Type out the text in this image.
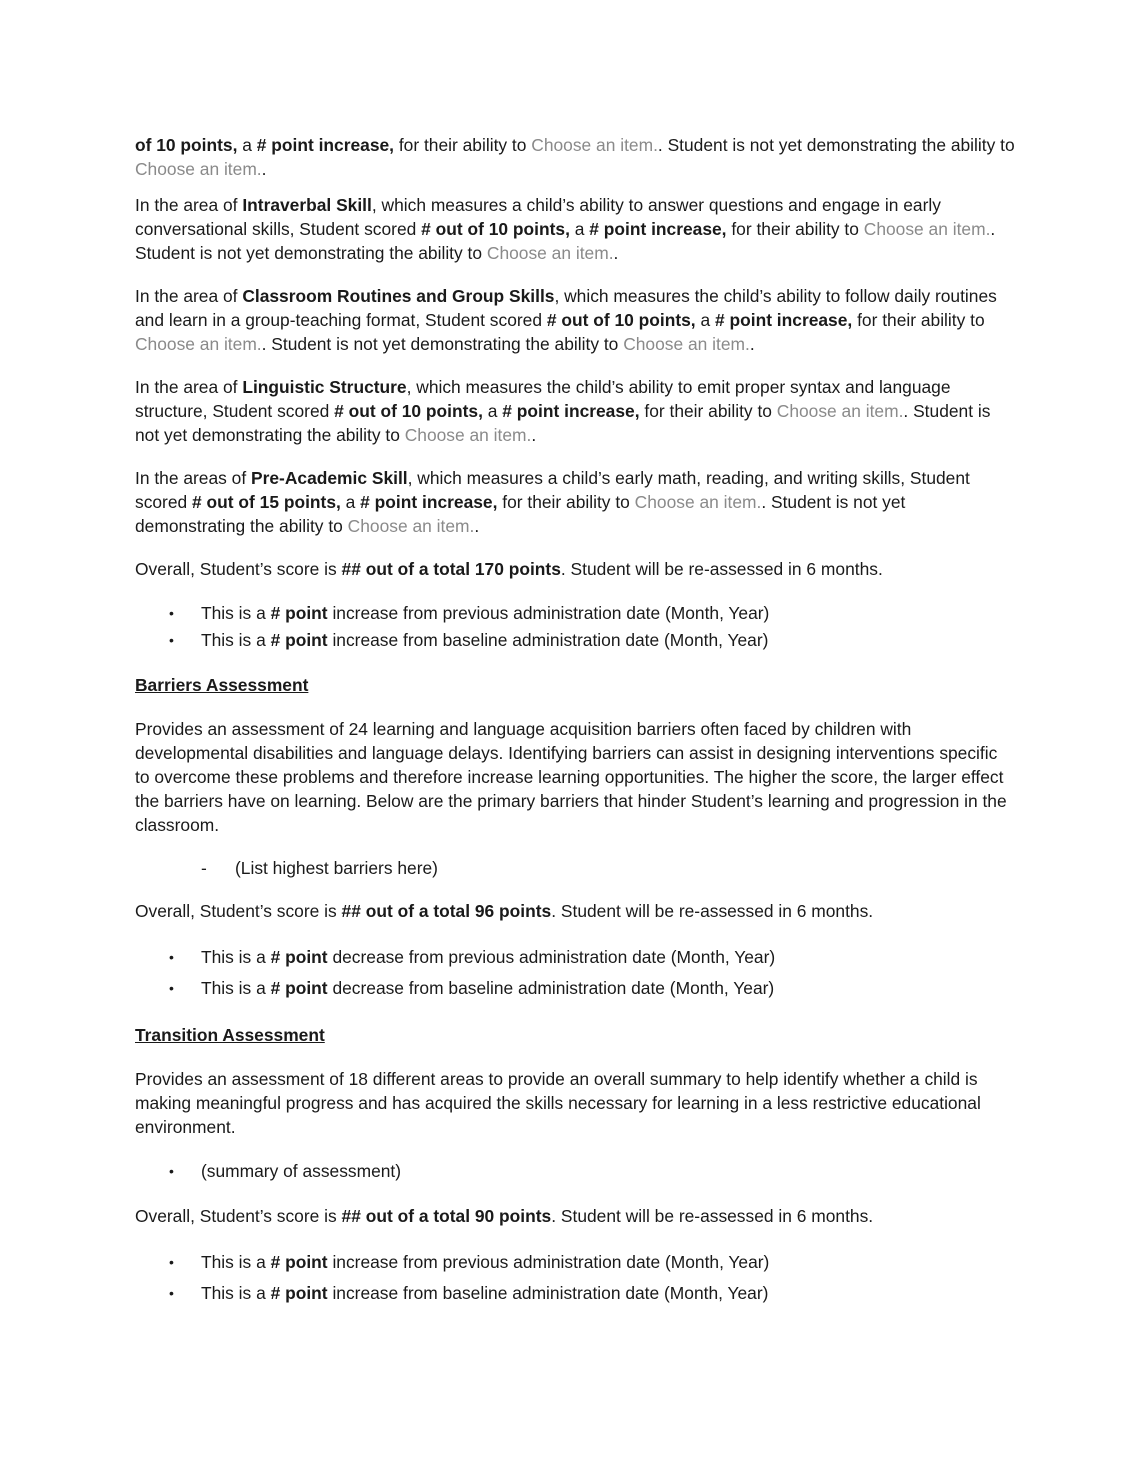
of 10 points, a # point increase, for their ability to Choose an item.. Student is not yet demonstrating the ability to Choose an item..

In the area of Intraverbal Skill, which measures a child’s ability to answer questions and engage in early conversational skills, Student scored # out of 10 points, a # point increase, for their ability to Choose an item.. Student is not yet demonstrating the ability to Choose an item..

In the area of Classroom Routines and Group Skills, which measures the child’s ability to follow daily routines and learn in a group-teaching format, Student scored # out of 10 points, a # point increase, for their ability to Choose an item.. Student is not yet demonstrating the ability to Choose an item..

In the area of Linguistic Structure, which measures the child’s ability to emit proper syntax and language structure, Student scored # out of 10 points, a # point increase, for their ability to Choose an item.. Student is not yet demonstrating the ability to Choose an item..

In the areas of Pre-Academic Skill, which measures a child’s early math, reading, and writing skills, Student scored # out of 15 points, a # point increase, for their ability to Choose an item.. Student is not yet demonstrating the ability to Choose an item..

Overall, Student’s score is ## out of a total 170 points. Student will be re-assessed in 6 months.

• This is a # point increase from previous administration date (Month, Year)
• This is a # point increase from baseline administration date (Month, Year)
Barriers Assessment

Provides an assessment of 24 learning and language acquisition barriers often faced by children with developmental disabilities and language delays. Identifying barriers can assist in designing interventions specific to overcome these problems and therefore increase learning opportunities. The higher the score, the larger effect the barriers have on learning. Below are the primary barriers that hinder Student’s learning and progression in the classroom.

- (List highest barriers here)

Overall, Student’s score is ## out of a total 96 points. Student will be re-assessed in 6 months.

• This is a # point decrease from previous administration date (Month, Year)
• This is a # point decrease from baseline administration date (Month, Year)
Transition Assessment

Provides an assessment of 18 different areas to provide an overall summary to help identify whether a child is making meaningful progress and has acquired the skills necessary for learning in a less restrictive educational environment.

• (summary of assessment)

Overall, Student’s score is ## out of a total 90 points. Student will be re-assessed in 6 months.

• This is a # point increase from previous administration date (Month, Year)
• This is a # point increase from baseline administration date (Month, Year)
